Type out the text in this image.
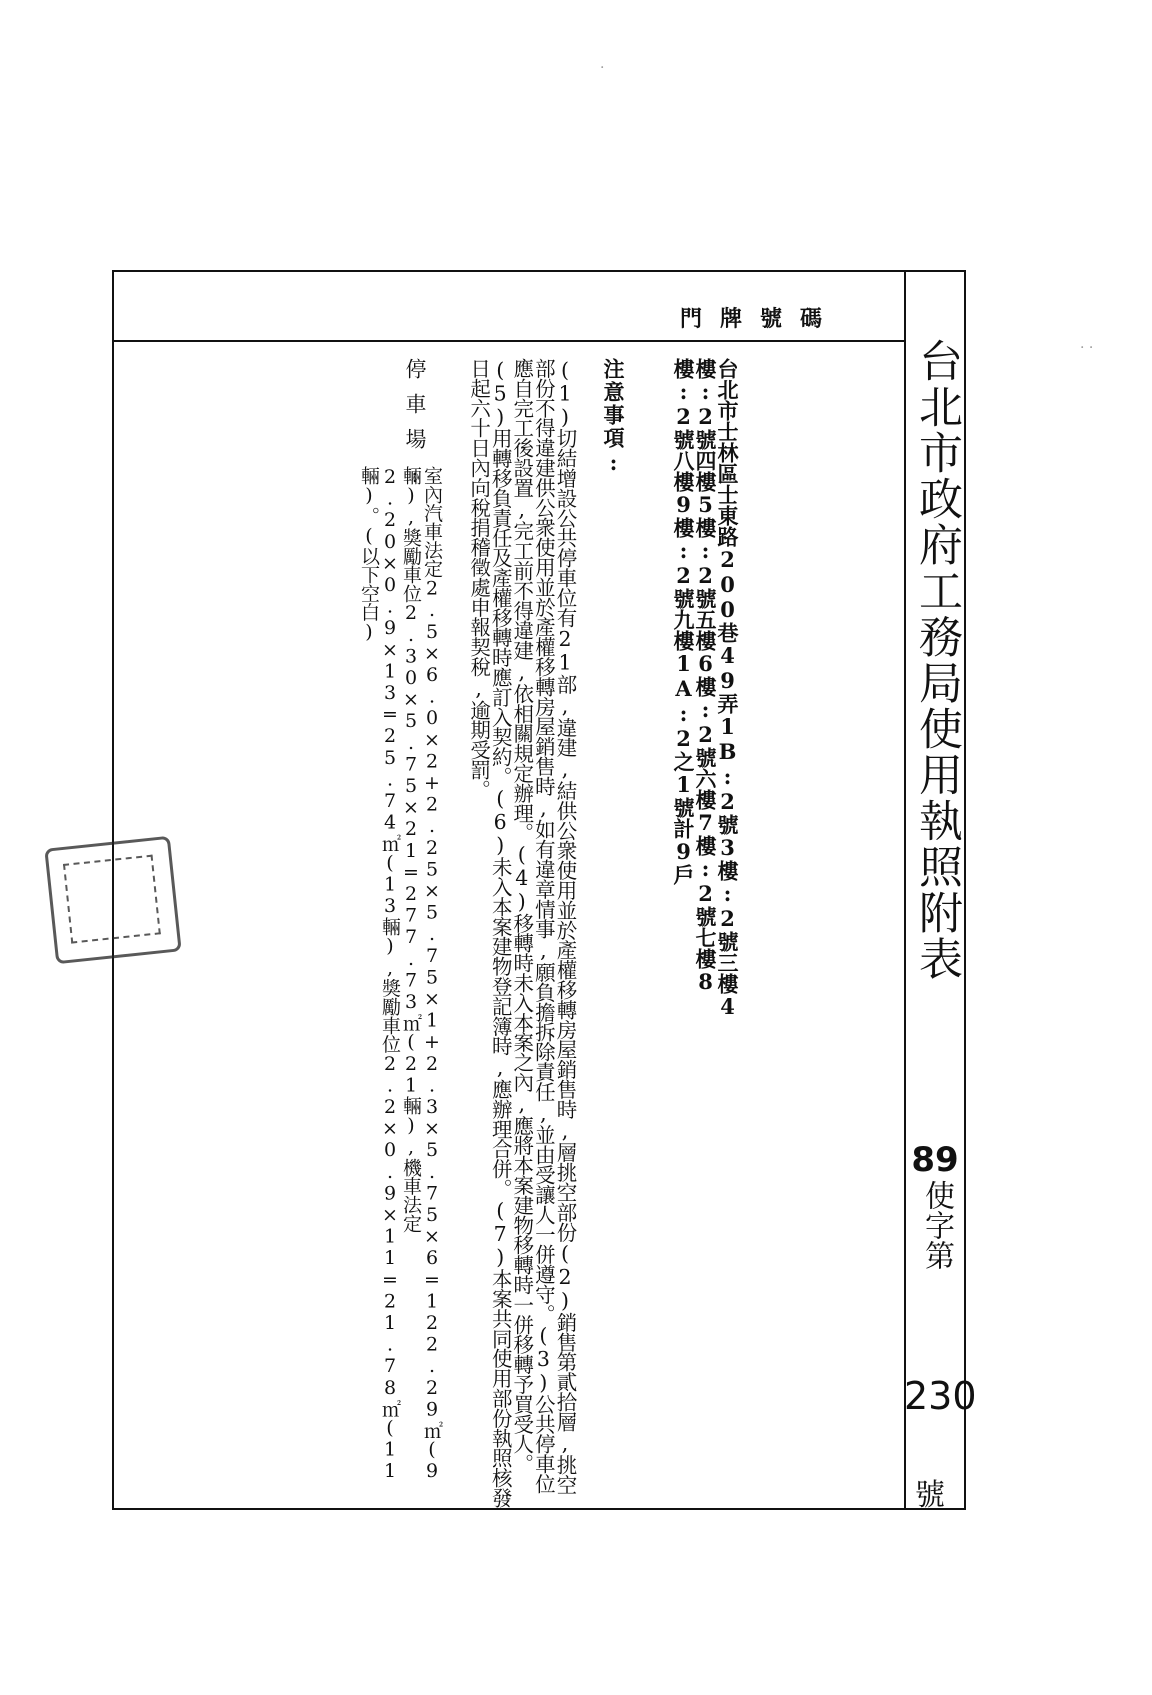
門牌號碼
台北市政府工務局使用執照附表
89
使字第
230
號
台北市士林區士東路200巷49弄1B:2號3樓:2號三樓4樓:2號四樓5樓:2號五樓6樓:2號六樓7樓:2號七樓8樓:2號八樓9樓:2號九樓1A:2之1號計9戶
注意事項:
(1)切結增設公共停車位有21部,違建,結供公衆使用並於產權移轉房屋銷售時,層挑空部份(2)銷售第貳拾層,挑空部份不得違建供公衆使用並於產權移轉房屋銷售時,如有違章情事,願負擔拆除責任,並由受讓人一併遵守。(3)公共停車位應自完工後設置,完工前不得違建,依相關規定辦理。(4)移轉時未入本案之內,應將本案建物移轉時一併移轉予買受人。(5)用轉移負責任及產權移轉時應訂入契約。(6)未入本案建物登記簿時,應辦理合併。(7)本案共同使用部份執照核發日起六十日內向稅捐稽徵處申報契稅,逾期受罰。
停車場:
室內汽車法定2.5×6.0×2+2.25×5.75×1+2.3×5.75×6=122.29㎡(9輛),獎勵車位2.30×5.75×21=277.73㎡(21輛),機車法定2.20×0.9×13=25.74㎡(13輛),獎勵車位2.2×0.9×11=21.78㎡(11輛)。(以下空白)
·
· ·
